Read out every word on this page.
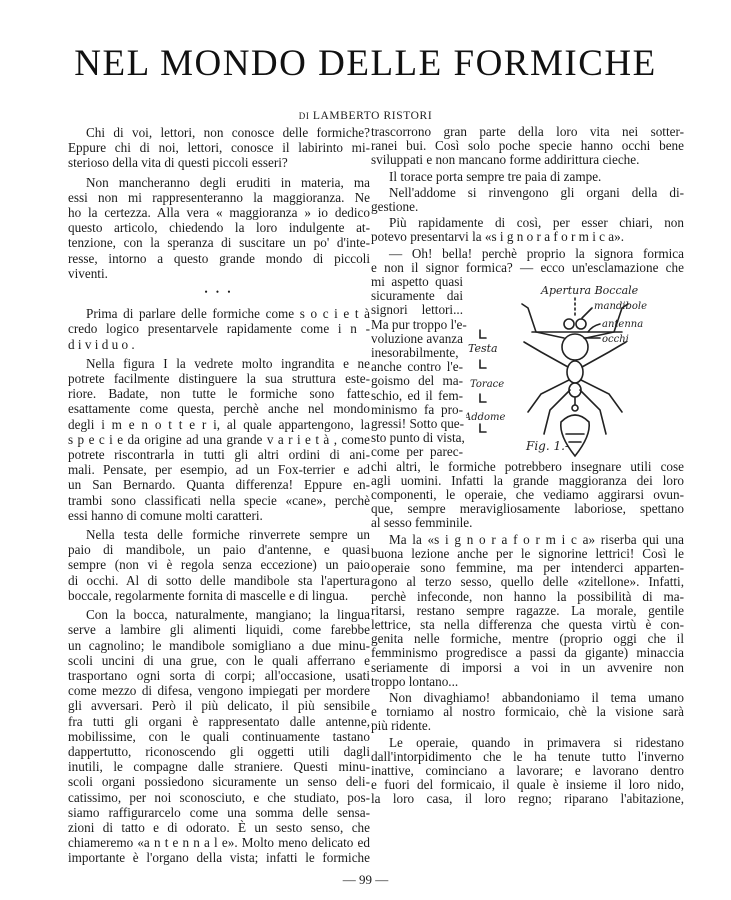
NEL MONDO DELLE FORMICHE
DI LAMBERTO RISTORI
Chi di voi, lettori, non conosce delle formiche?
Eppure chi di noi, lettori, conosce il labirinto mi-
sterioso della vita di questi piccoli esseri?
Non mancheranno degli eruditi in materia, ma
essi non mi rappresenteranno la maggioranza. Ne
ho la certezza. Alla vera « maggioranza » io dedico
questo articolo, chiedendo la loro indulgente at-
tenzione, con la speranza di suscitare un po' d'inte-
resse, intorno a questo grande mondo di piccoli
viventi.
• • •
Prima di parlare delle formiche come s o c i e t à
credo logico presentarvele rapidamente come i n -
d i v i d u o .
Nella figura I la vedrete molto ingrandita e ne
potrete facilmente distinguere la sua struttura este-
riore. Badate, non tutte le formiche sono fatte
esattamente come questa, perchè anche nel mondo
degli i m e n o t t e r i, al quale appartengono, la
s p e c i e da origine ad una grande v a r i e t à , come
potrete riscontrarla in tutti gli altri ordini di ani-
mali. Pensate, per esempio, ad un Fox-terrier e ad
un San Bernardo. Quanta differenza! Eppure en-
trambi sono classificati nella specie «cane», perchè
essi hanno di comune molti caratteri.
Nella testa delle formiche rinverrete sempre un
paio di mandibole, un paio d'antenne, e quasi
sempre (non vi è regola senza eccezione) un paio
di occhi. Al di sotto delle mandibole sta l'apertura
boccale, regolarmente fornita di mascelle e di lingua.
Con la bocca, naturalmente, mangiano; la lingua
serve a lambire gli alimenti liquidi, come farebbe
un cagnolino; le mandibole somigliano a due minu-
scoli uncini di una grue, con le quali afferrano e
trasportano ogni sorta di corpi; all'occasione, usati
come mezzo di difesa, vengono impiegati per mordere
gli avversari. Però il più delicato, il più sensibile
fra tutti gli organi è rappresentato dalle antenne,
mobilissime, con le quali continuamente tastano
dappertutto, riconoscendo gli oggetti utili dagli
inutili, le compagne dalle straniere. Questi minu-
scoli organi possiedono sicuramente un senso deli-
catissimo, per noi sconosciuto, e che studiato, pos-
siamo raffigurarcelo come una somma delle sensa-
zioni di tatto e di odorato. È un sesto senso, che
chiameremo «a n t e n n a l e». Molto meno delicato ed
importante è l'organo della vista; infatti le formiche
trascorrono gran parte della loro vita nei sotter-
ranei bui. Così solo poche specie hanno occhi bene
sviluppati e non mancano forme addirittura cieche.
Il torace porta sempre tre paia di zampe.
Nell'addome si rinvengono gli organi della di-
gestione.
Più rapidamente di così, per esser chiari, non
potevo presentarvi la «s i g n o r a f o r m i c a».
— Oh! bella! perchè proprio la signora formica
e non il signor formica? — ecco un'esclamazione che
mi aspetto quasi
sicuramente dai
signori lettori...
Ma pur troppo l'e-
voluzione avanza
inesorabilmente,
anche contro l'e-
goismo del ma-
schio, ed il fem-
minismo fa pro-
gressi! Sotto que-
sto punto di vista,
come per parec-
chi altri, le formiche potrebbero insegnare utili cose
agli uomini. Infatti la grande maggioranza dei loro
componenti, le operaie, che vediamo aggirarsi ovun-
que, sempre meravigliosamente laboriose, spettano
al sesso femminile.
Ma la «s i g n o r a f o r m i c a» riserba qui una
buona lezione anche per le signorine lettrici! Così le
operaie sono femmine, ma per intenderci apparten-
gono al terzo sesso, quello delle «zitellone». Infatti,
perchè infeconde, non hanno la possibilità di ma-
ritarsi, restano sempre ragazze. La morale, gentile
lettrice, sta nella differenza che questa virtù è con-
genita nelle formiche, mentre (proprio oggi che il
femminismo progredisce a passi da gigante) minaccia
seriamente di imporsi a voi in un avvenire non
troppo lontano...
Non divaghiamo! abbandoniamo il tema umano
e torniamo al nostro formicaio, chè la visione sarà
più ridente.
Le operaie, quando in primavera si ridestano
dall'intorpidimento che le ha tenute tutto l'inverno
inattive, cominciano a lavorare; e lavorano dentro
e fuori del formicaio, il quale è insieme il loro nido,
la loro casa, il loro regno; riparano l'abitazione,
Apertura Boccale
mandibole
antenna
occhi
Testa
Torace
Addome
Fig. 1.-
— 99 —
